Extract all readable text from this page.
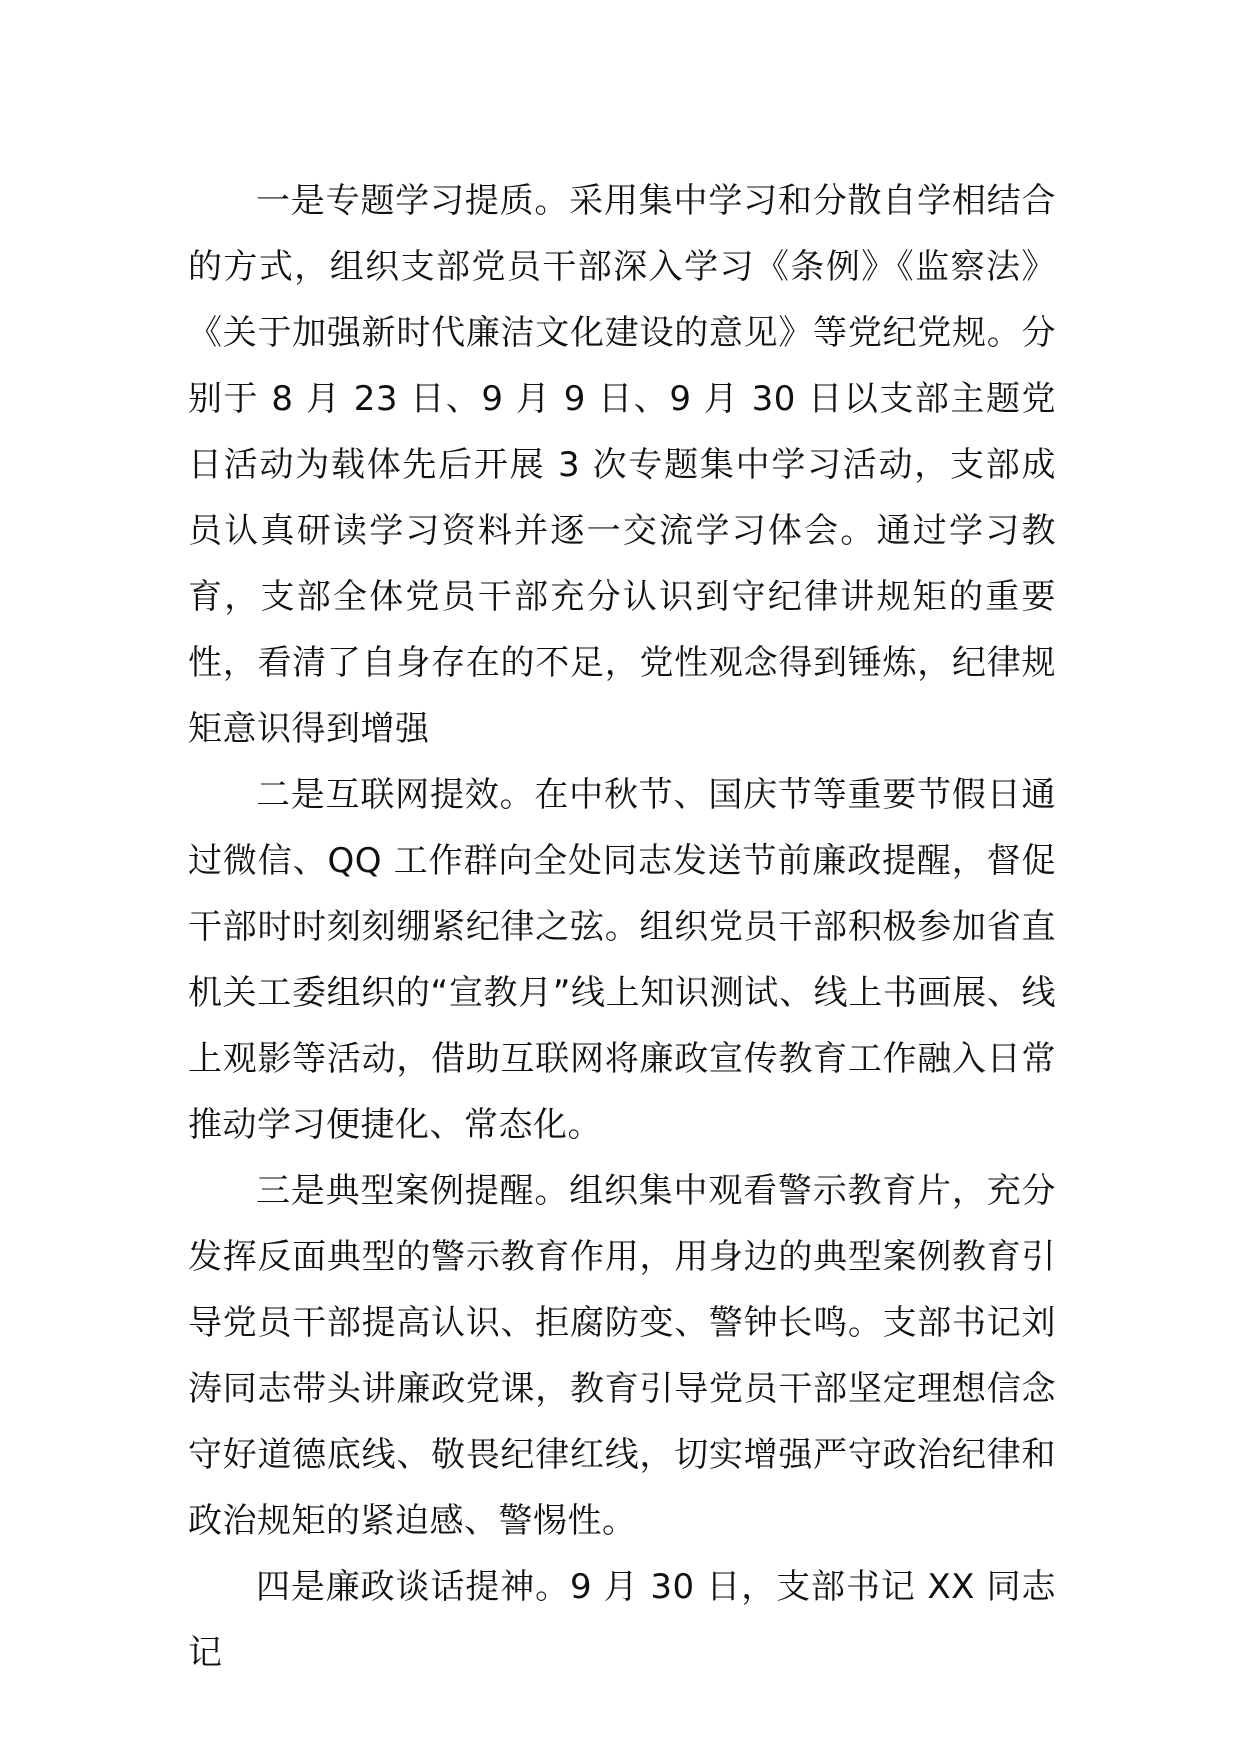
一是专题学习提质。采用集中学习和分散自学相结合的方式，组织支部党员干部深入学习《条例》《监察法》《关于加强新时代廉洁文化建设的意见》等党纪党规。分别于 8 月 23 日、9 月 9 日、9 月 30 日以支部主题党日活动为载体先后开展 3 次专题集中学习活动，支部成员认真研读学习资料并逐一交流学习体会。通过学习教育，支部全体党员干部充分认识到守纪律讲规矩的重要性，看清了自身存在的不足，党性观念得到锤炼，纪律规矩意识得到增强

二是互联网提效。在中秋节、国庆节等重要节假日通过微信、QQ 工作群向全处同志发送节前廉政提醒，督促干部时时刻刻绷紧纪律之弦。组织党员干部积极参加省直机关工委组织的“宣教月”线上知识测试、线上书画展、线上观影等活动，借助互联网将廉政宣传教育工作融入日常推动学习便捷化、常态化。

三是典型案例提醒。组织集中观看警示教育片，充分发挥反面典型的警示教育作用，用身边的典型案例教育引导党员干部提高认识、拒腐防变、警钟长鸣。支部书记刘涛同志带头讲廉政党课，教育引导党员干部坚定理想信念守好道德底线、敬畏纪律红线，切实增强严守政治纪律和政治规矩的紧迫感、警惕性。

四是廉政谈话提神。9 月 30 日，支部书记 XX 同志记
